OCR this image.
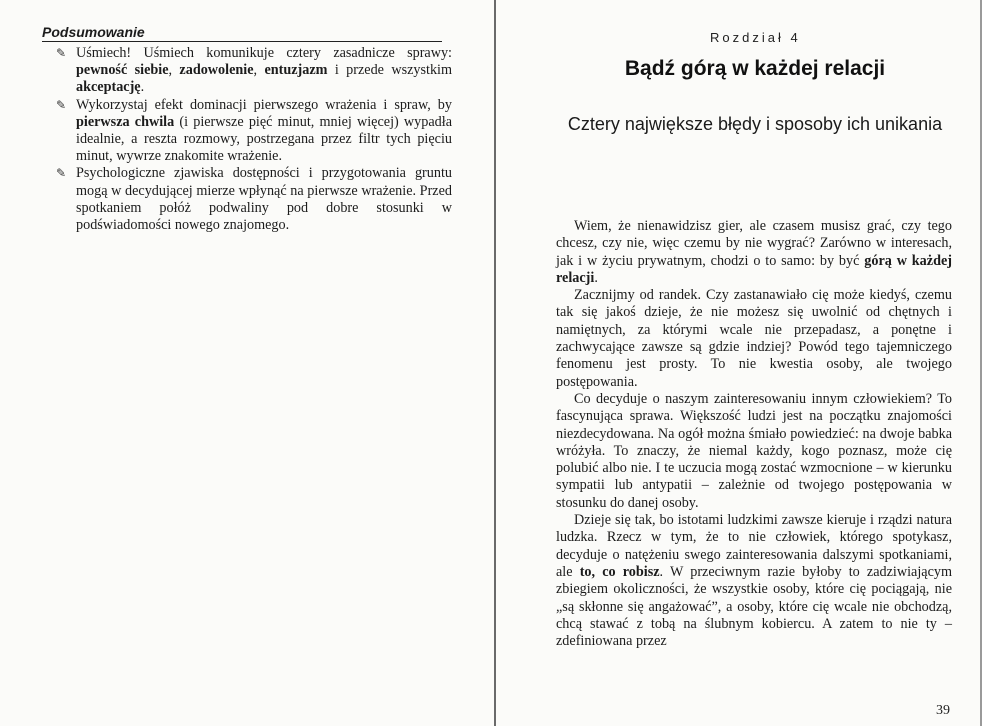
Podsumowanie
✎ Uśmiech! Uśmiech komunikuje cztery zasadnicze sprawy: pewność siebie, zadowolenie, entuzjazm i przede wszystkim akceptację.
✎ Wykorzystaj efekt dominacji pierwszego wrażenia i spraw, by pierwsza chwila (i pierwsze pięć minut, mniej więcej) wypadła idealnie, a reszta rozmowy, postrzegana przez filtr tych pięciu minut, wywrze znakomite wrażenie.
✎ Psychologiczne zjawiska dostępności i przygotowania gruntu mogą w decydującej mierze wpłynąć na pierwsze wrażenie. Przed spotkaniem połóż podwaliny pod dobre stosunki w podświadomości nowego znajomego.
Rozdział 4
Bądź górą w każdej relacji
Cztery największe błędy i sposoby ich unikania

Wiem, że nienawidzisz gier, ale czasem musisz grać, czy tego chcesz, czy nie, więc czemu by nie wygrać? Zarówno w interesach, jak i w życiu prywatnym, chodzi o to samo: by być górą w każdej relacji.

Zacznijmy od randek. Czy zastanawiało cię może kiedyś, czemu tak się jakoś dzieje, że nie możesz się uwolnić od chętnych i namiętnych, za którymi wcale nie przepadasz, a ponętne i zachwycające zawsze są gdzie indziej? Powód tego tajemniczego fenomenu jest prosty. To nie kwestia osoby, ale twojego postępowania.

Co decyduje o naszym zainteresowaniu innym człowiekiem? To fascynująca sprawa. Większość ludzi jest na początku znajomości niezdecydowana. Na ogół można śmiało powiedzieć: na dwoje babka wróżyła. To znaczy, że niemal każdy, kogo poznasz, może cię polubić albo nie. I te uczucia mogą zostać wzmocnione – w kierunku sympatii lub antypatii – zależnie od twojego postępowania w stosunku do danej osoby.

Dzieje się tak, bo istotami ludzkimi zawsze kieruje i rządzi natura ludzka. Rzecz w tym, że to nie człowiek, którego spotykasz, decyduje o natężeniu swego zainteresowania dalszymi spotkaniami, ale to, co robisz. W przeciwnym razie byłoby to zadziwiającym zbiegiem okoliczności, że wszystkie osoby, które cię pociągają, nie „są skłonne się angażować”, a osoby, które cię wcale nie obchodzą, chcą stawać z tobą na ślubnym kobiercu. A zatem to nie ty – zdefiniowana przez

39
